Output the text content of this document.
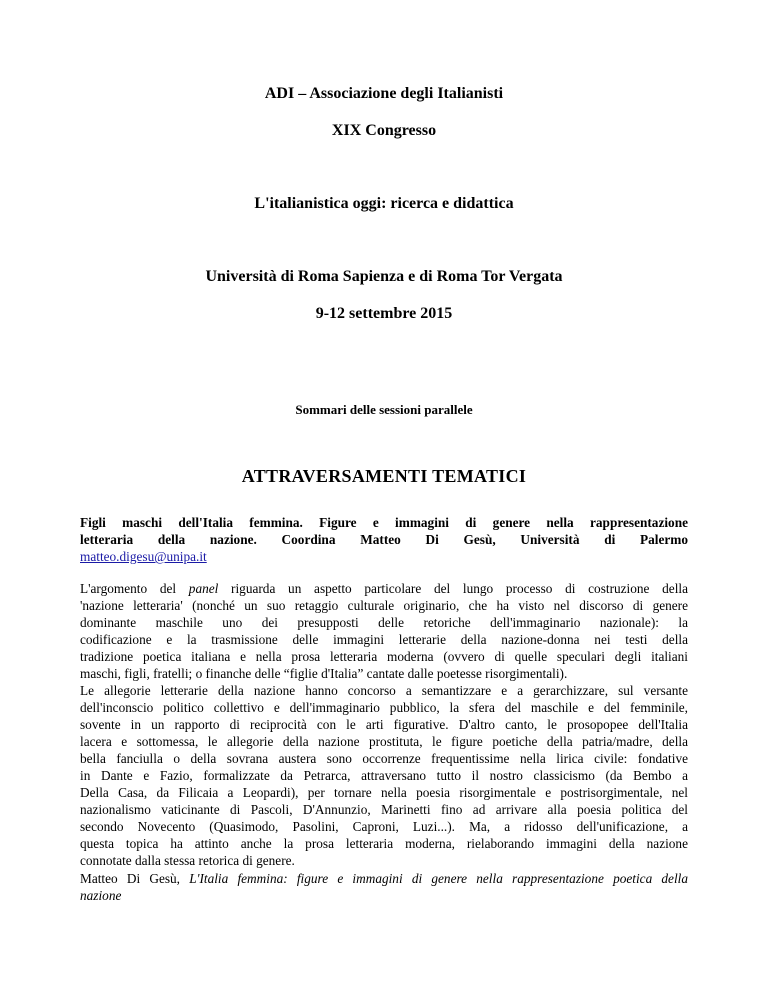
ADI – Associazione degli Italianisti

XIX Congresso

L'italianistica oggi: ricerca e didattica

Università di Roma Sapienza e di Roma Tor Vergata

9-12 settembre 2015

Sommari delle sessioni parallele

ATTRAVERSAMENTI TEMATICI

Figli maschi dell'Italia femmina. Figure e immagini di genere nella rappresentazione
letteraria della nazione. Coordina Matteo Di Gesù, Università di Palermo
matteo.digesu@unipa.it
L'argomento del panel riguarda un aspetto particolare del lungo processo di costruzione della
'nazione letteraria' (nonché un suo retaggio culturale originario, che ha visto nel discorso di genere
dominante maschile uno dei presupposti delle retoriche dell'immaginario nazionale): la
codificazione e la trasmissione delle immagini letterarie della nazione-donna nei testi della
tradizione poetica italiana e nella prosa letteraria moderna (ovvero di quelle speculari degli italiani
maschi, figli, fratelli; o finanche delle “figlie d'Italia” cantate dalle poetesse risorgimentali).
Le allegorie letterarie della nazione hanno concorso a semantizzare e a gerarchizzare, sul versante
dell'inconscio politico collettivo e dell'immaginario pubblico, la sfera del maschile e del femminile,
sovente in un rapporto di reciprocità con le arti figurative. D'altro canto, le prosopopee dell'Italia
lacera e sottomessa, le allegorie della nazione prostituta, le figure poetiche della patria/madre, della
bella fanciulla o della sovrana austera sono occorrenze frequentissime nella lirica civile: fondative
in Dante e Fazio, formalizzate da Petrarca, attraversano tutto il nostro classicismo (da Bembo a
Della Casa, da Filicaia a Leopardi), per tornare nella poesia risorgimentale e postrisorgimentale, nel
nazionalismo vaticinante di Pascoli, D'Annunzio, Marinetti fino ad arrivare alla poesia politica del
secondo Novecento (Quasimodo, Pasolini, Caproni, Luzi...). Ma, a ridosso dell'unificazione, a
questa topica ha attinto anche la prosa letteraria moderna, rielaborando immagini della nazione
connotate dalla stessa retorica di genere.
Matteo Di Gesù, L'Italia femmina: figure e immagini di genere nella rappresentazione poetica della
nazione
